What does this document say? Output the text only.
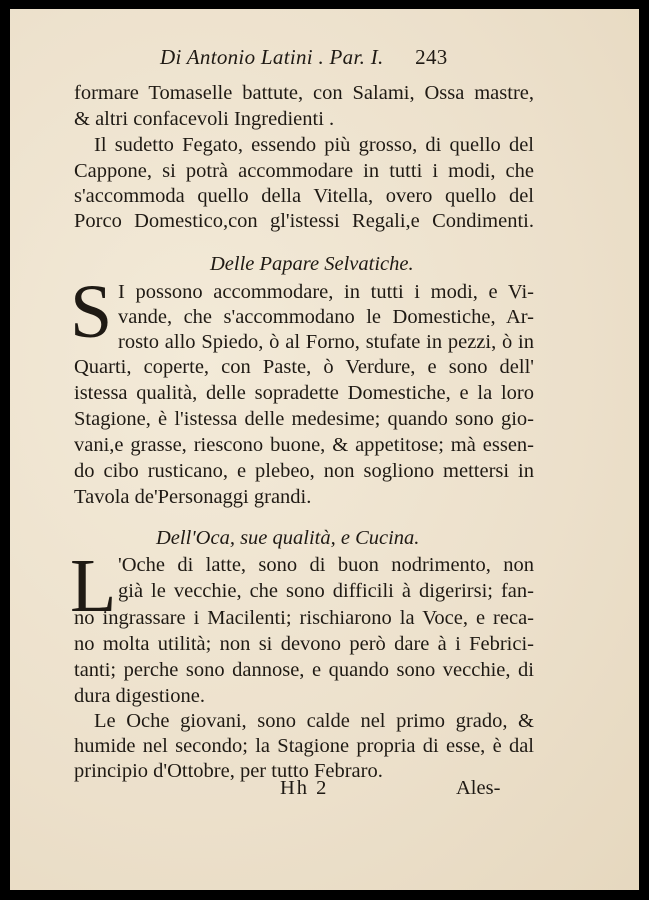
Di Antonio Latini . Par. I. 243
formare Tomaselle battute, con Salami, Ossa mastre,
& altri confacevoli Ingredienti .
Il sudetto Fegato, essendo più grosso, di quello del
Cappone, si potrà accommodare in tutti i modi, che
s'accommoda quello della Vitella, overo quello del
Porco Domestico,con gl'istessi Regali,e Condimenti.
Delle Papare Selvatiche.
S I possono accommodare, in tutti i modi, e Vi-
vande, che s'accommodano le Domestiche, Ar-
rosto allo Spiedo, ò al Forno, stufate in pezzi, ò in
Quarti, coperte, con Paste, ò Verdure, e sono dell'
istessa qualità, delle sopradette Domestiche, e la loro
Stagione, è l'istessa delle medesime; quando sono gio-
vani,e grasse, riescono buone, & appetitose; mà essen-
do cibo rusticano, e plebeo, non sogliono mettersi in
Tavola de'Personaggi grandi.
Dell'Oca, sue qualità, e Cucina.
L 'Oche di latte, sono di buon nodrimento, non
già le vecchie, che sono difficili à digerirsi; fan-
no ingrassare i Macilenti; rischiarono la Voce, e reca-
no molta utilità; non si devono però dare à i Febrici-
tanti; perche sono dannose, e quando sono vecchie, di
dura digestione.
Le Oche giovani, sono calde nel primo grado, &
humide nel secondo; la Stagione propria di esse, è dal
principio d'Ottobre, per tutto Febraro.
Hh 2	Ales-
